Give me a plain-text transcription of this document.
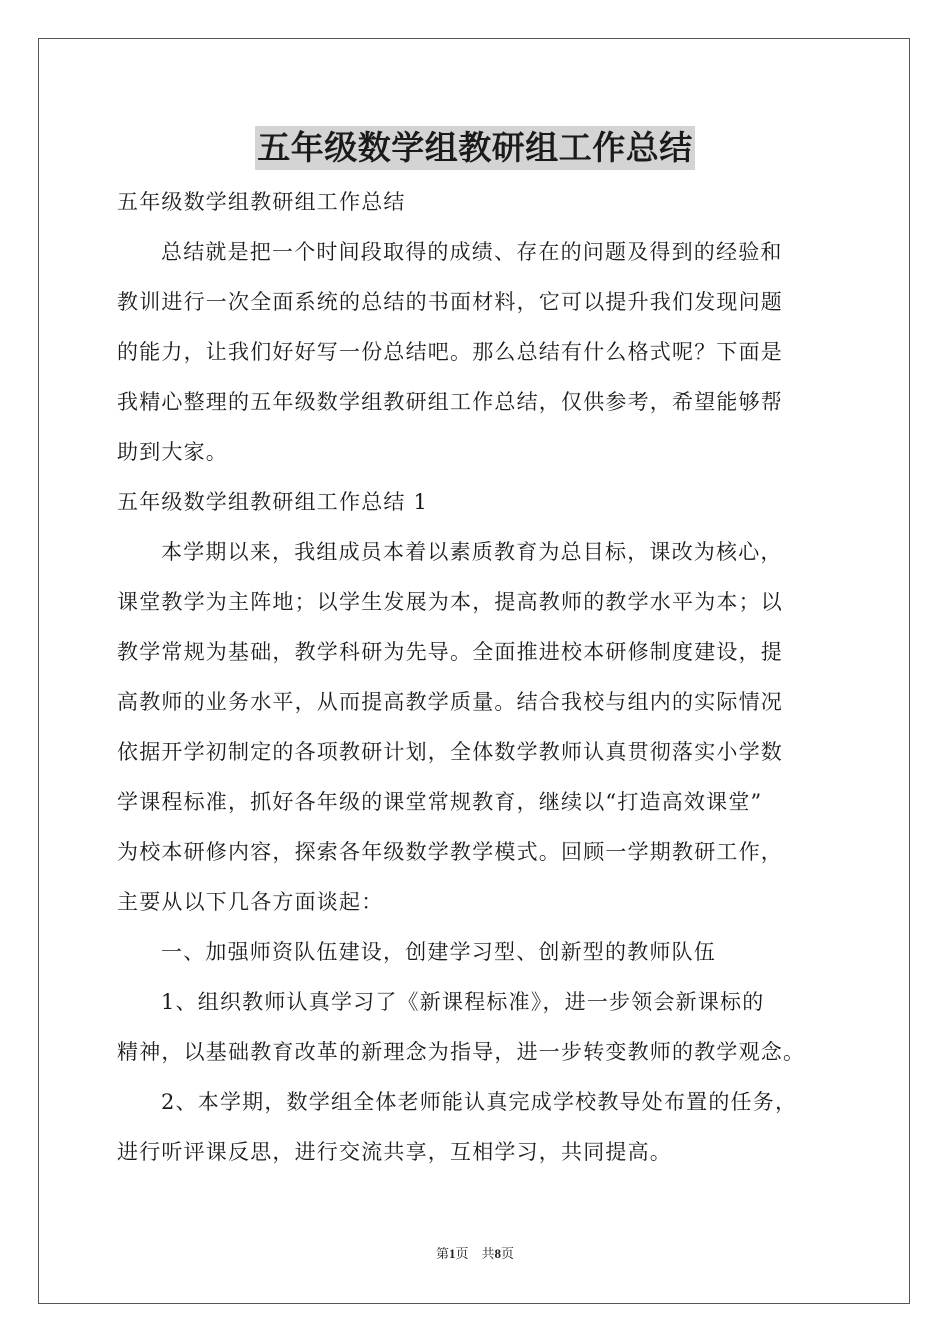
五年级数学组教研组工作总结
五年级数学组教研组工作总结
总结就是把一个时间段取得的成绩、存在的问题及得到的经验和
教训进行一次全面系统的总结的书面材料，它可以提升我们发现问题
的能力，让我们好好写一份总结吧。那么总结有什么格式呢？下面是
我精心整理的五年级数学组教研组工作总结，仅供参考，希望能够帮
助到大家。
五年级数学组教研组工作总结 1
本学期以来，我组成员本着以素质教育为总目标，课改为核心，
课堂教学为主阵地；以学生发展为本，提高教师的教学水平为本；以
教学常规为基础，教学科研为先导。全面推进校本研修制度建设，提
高教师的业务水平，从而提高教学质量。结合我校与组内的实际情况
依据开学初制定的各项教研计划，全体数学教师认真贯彻落实小学数
学课程标准，抓好各年级的课堂常规教育，继续以“打造高效课堂”
为校本研修内容，探索各年级数学教学模式。回顾一学期教研工作，
主要从以下几各方面谈起：
一、加强师资队伍建设，创建学习型、创新型的教师队伍
1、组织教师认真学习了《新课程标准》，进一步领会新课标的
精神，以基础教育改革的新理念为指导，进一步转变教师的教学观念。
2、本学期，数学组全体老师能认真完成学校教导处布置的任务，
进行听评课反思，进行交流共享，互相学习，共同提高。
第1页　共8页
